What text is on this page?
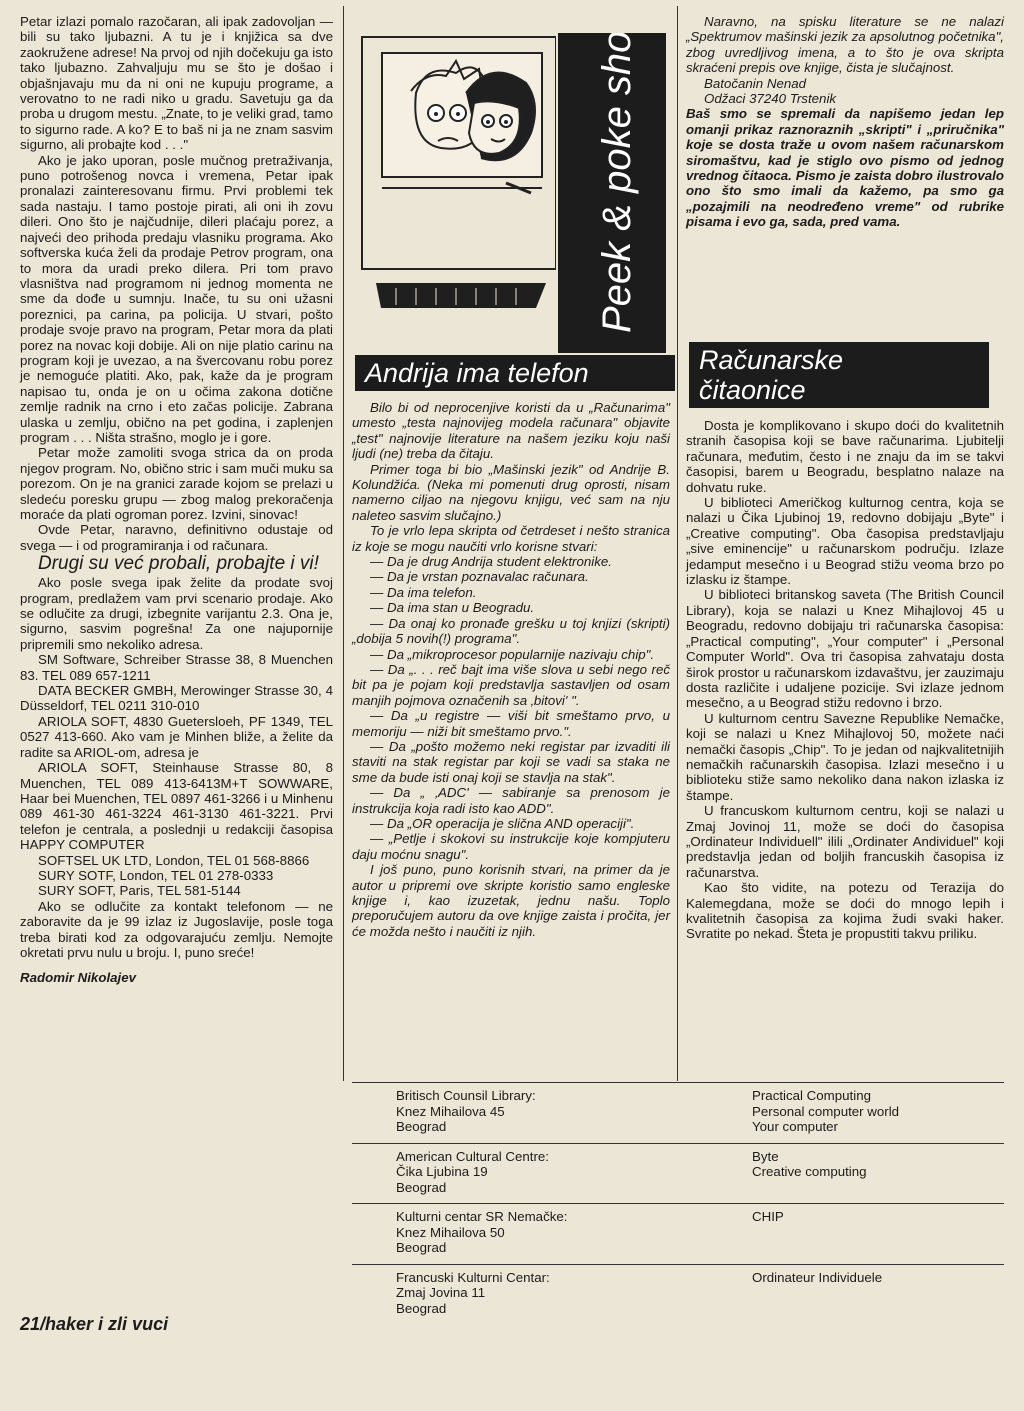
Petar izlazi pomalo razočaran, ali ipak zadovoljan — bili su tako ljubazni. A tu je i knjižica sa dve zaokružene adrese! Na prvoj od njih dočekuju ga isto tako ljubazno. Zahvaljuju mu se što je došao i objašnjavaju mu da ni oni ne kupuju programe, a verovatno to ne radi niko u gradu. Savetuju ga da proba u drugom mestu. „Znate, to je veliki grad, tamo to sigurno rade. A ko? E to baš ni ja ne znam sasvim sigurno, ali probajte kod . . ."

Ako je jako uporan, posle mučnog pretraživanja, puno potrošenog novca i vremena, Petar ipak pronalazi zainteresovanu firmu. Prvi problemi tek sada nastaju. I tamo postoje pirati, ali oni ih zovu dileri. Ono što je najčudnije, dileri plaćaju porez, a najveći deo prihoda predaju vlasniku programa. Ako softverska kuća želi da prodaje Petrov program, ona to mora da uradi preko dilera. Pri tom pravo vlasništva nad programom ni jednog momenta ne sme da dođe u sumnju. Inače, tu su oni užasni poreznici, pa carina, pa policija. U stvari, pošto prodaje svoje pravo na program, Petar mora da plati porez na novac koji dobije. Ali on nije platio carinu na program koji je uvezao, a na švercovanu robu porez je nemoguće platiti. Ako, pak, kaže da je program napisao tu, onda je on u očima zakona dotične zemlje radnik na crno i eto začas policije. Zabrana ulaska u zemlju, obično na pet godina, i zaplenjen program . . . Ništa strašno, moglo je i gore.

Petar može zamoliti svoga strica da on proda njegov program. No, obično stric i sam muči muku sa porezom. On je na granici zarade kojom se prelazi u sledeću poresku grupu — zbog malog prekoračenja moraće da plati ogroman porez. Izvini, sinovac!

Ovde Petar, naravno, definitivno odustaje od svega — i od programiranja i od računara.

Drugi su već probali, probajte i vi!

Ako posle svega ipak želite da prodate svoj program, predlažem vam prvi scenario prodaje. Ako se odlučite za drugi, izbegnite varijantu 2.3. Ona je, sigurno, sasvim pogrešna! Za one najupornije pripremili smo nekoliko adresa.

SM Software, Schreiber Strasse 38, 8 Muenchen 83. TEL 089 657-1211

DATA BECKER GMBH, Merowinger Strasse 30, 4 Düsseldorf, TEL 0211 310-010

ARIOLA SOFT, 4830 Guetersloeh, PF 1349, TEL 0527 413-660. Ako vam je Minhen bliže, a želite da radite sa ARIOL-om, adresa je

ARIOLA SOFT, Steinhause Strasse 80, 8 Muenchen, TEL 089 413-6413M+T SOWWARE, Haar bei Muenchen, TEL 0897 461-3266 i u Minhenu 089 461-30 461-3224 461-3130 461-3221. Prvi telefon je centrala, a poslednji u redakciji časopisa HAPPY COMPUTER

SOFTSEL UK LTD, London, TEL 01 568-8866

SURY SOTF, London, TEL 01 278-0333

SURY SOFT, Paris, TEL 581-5144

Ako se odlučite za kontakt telefonom — ne zaboravite da je 99 izlaz iz Jugoslavije, posle toga treba birati kod za odgovarajuću zemlju. Nemojte okretati prvu nulu u broju. I, puno sreće!

Radomir Nikolajev

21/haker i zli vuci
Peek & poke show
Andrija ima telefon

Bilo bi od neprocenjive koristi da u „Računarima" umesto „testa najnovijeg modela računara" objavite „test" najnovije literature na našem jeziku koju naši ljudi (ne) treba da čitaju.

Primer toga bi bio „Mašinski jezik" od Andrije B. Kolundžića. (Neka mi pomenuti drug oprosti, nisam namerno ciljao na njegovu knjigu, već sam na nju naleteo sasvim slučajno.)

To je vrlo lepa skripta od četrdeset i nešto stranica iz koje se mogu naučiti vrlo korisne stvari:

— Da je drug Andrija student elektronike.

— Da je vrstan poznavalac računara.

— Da ima telefon.

— Da ima stan u Beogradu.

— Da onaj ko pronađe grešku u toj knjizi (skripti) „dobija 5 novih(!) programa".

— Da „mikroprocesor popularnije nazivaju chip".

— Da „. . . reč bajt ima više slova u sebi nego reč bit pa je pojam koji predstavlja sastavljen od osam manjih pojmova označenih sa ‚bitovi' ".

— Da „u registre — viši bit smeštamo prvo, u memoriju — niži bit smeštamo prvo.".

— Da „pošto možemo neki registar par izvaditi ili staviti na stak registar par koji se vadi sa staka ne sme da bude isti onaj koji se stavlja na stak".

— Da „ ‚ADC' — sabiranje sa prenosom je instrukcija koja radi isto kao ADD".

— Da „OR operacija je slična AND operaciji".

— „Petlje i skokovi su instrukcije koje kompjuteru daju moćnu snagu".

I još puno, puno korisnih stvari, na primer da je autor u pripremi ove skripte koristio samo engleske knjige i, kao izuzetak, jednu našu. Toplo preporučujem autoru da ove knjige zaista i pročita, jer će možda nešto i naučiti iz njih.

Naravno, na spisku literature se ne nalazi „Spektrumov mašinski jezik za apsolutnog početnika", zbog uvredljivog imena, a to što je ova skripta skraćeni prepis ove knjige, čista je slučajnost.

Batočanin Nenad

Odžaci 37240 Trstenik

Baš smo se spremali da napišemo jedan lep omanji prikaz raznoraznih „skripti" i „priručnika" koje se dosta traže u ovom našem računarskom siromaštvu, kad je stiglo ovo pismo od jednog vrednog čitaoca. Pismo je zaista dobro ilustrovalo ono što smo imali da kažemo, pa smo ga „pozajmili na neodređeno vreme" od rubrike pisama i evo ga, sada, pred vama.

Računarske
čitaonice

Dosta je komplikovano i skupo doći do kvalitetnih stranih časopisa koji se bave računarima. Ljubitelji računara, međutim, često i ne znaju da im se takvi časopisi, barem u Beogradu, besplatno nalaze na dohvatu ruke.

U biblioteci Američkog kulturnog centra, koja se nalazi u Čika Ljubinoj 19, redovno dobijaju „Byte" i „Creative computing". Oba časopisa predstavljaju „sive eminencije" u računarskom području. Izlaze jedamput mesečno i u Beograd stižu veoma brzo po izlasku iz štampe.

U biblioteci britanskog saveta (The British Council Library), koja se nalazi u Knez Mihajlovoj 45 u Beogradu, redovno dobijaju tri računarska časopisa: „Practical computing", „Your computer" i „Personal Computer World". Ova tri časopisa zahvataju dosta širok prostor u računarskom izdavaštvu, jer zauzimaju dosta različite i udaljene pozicije. Svi izlaze jednom mesečno, a u Beograd stižu redovno i brzo.

U kulturnom centru Savezne Republike Nemačke, koji se nalazi u Knez Mihajlovoj 50, možete naći nemački časopis „Chip". To je jedan od najkvalitetnijih nemačkih računarskih časopisa. Izlazi mesečno i u biblioteku stiže samo nekoliko dana nakon izlaska iz štampe.

U francuskom kulturnom centru, koji se nalazi u Zmaj Jovinoj 11, može se doći do časopisa „Ordinateur Individuell" ilili „Ordinater Andividuel" koji predstavlja jedan od boljih francuskih časopisa iz računarstva.

Kao što vidite, na potezu od Terazija do Kalemegdana, može se doći do mnogo lepih i kvalitetnih časopisa za kojima žudi svaki haker. Svratite po nekad. Šteta je propustiti takvu priliku.

Britisch Counsil Library:
Knez Mihailova 45
Beograd
Practical Computing
Personal computer world
Your computer
American Cultural Centre:
Čika Ljubina 19
Beograd
Byte
Creative computing
Kulturni centar SR Nemačke:
Knez Mihailova 50
Beograd
CHIP
Francuski Kulturni Centar:
Zmaj Jovina 11
Beograd
Ordinateur Individuele
